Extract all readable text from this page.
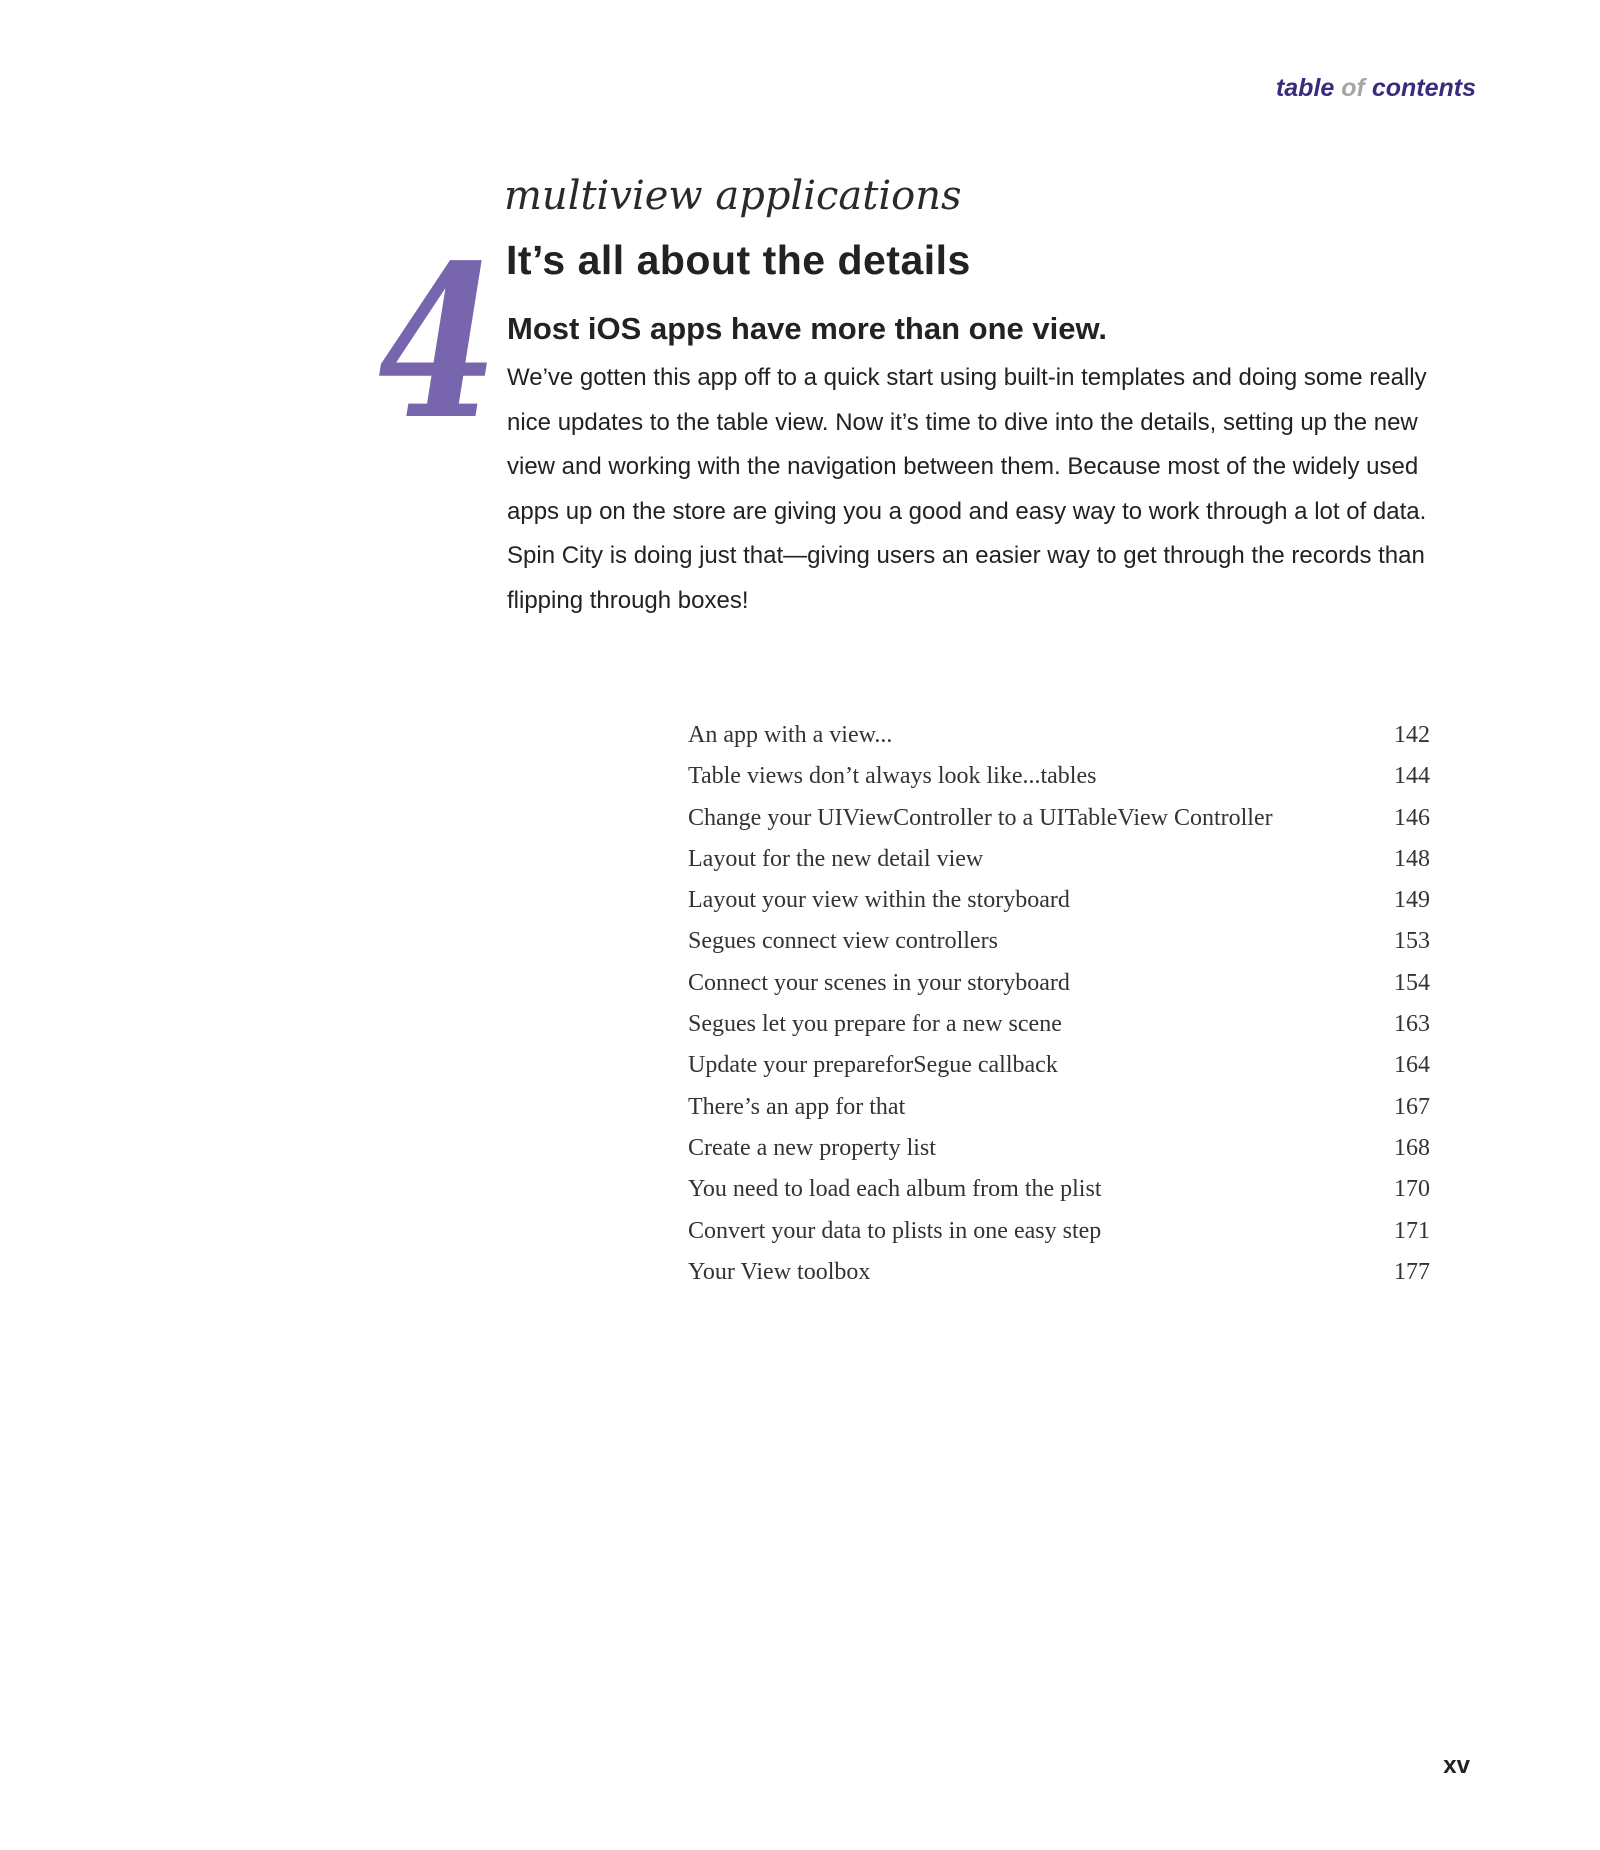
table of contents
4
multiview applications
It’s all about the details
Most iOS apps have more than one view.

We’ve gotten this app off to a quick start using built-in templates and doing some really nice updates to the table view. Now it’s time to dive into the details, setting up the new view and working with the navigation between them. Because most of the widely used apps up on the store are giving you a good and easy way to work through a lot of data. Spin City is doing just that—giving users an easier way to get through the records than flipping through boxes!

An app with a view...	142
Table views don’t always look like...tables	144
Change your UIViewController to a UITableView Controller	146
Layout for the new detail view	148
Layout your view within the storyboard	149
Segues connect view controllers	153
Connect your scenes in your storyboard	154
Segues let you prepare for a new scene	163
Update your prepareforSegue callback	164
There’s an app for that	167
Create a new property list	168
You need to load each album from the plist	170
Convert your data to plists in one easy step	171
Your View toolbox	177
xv
